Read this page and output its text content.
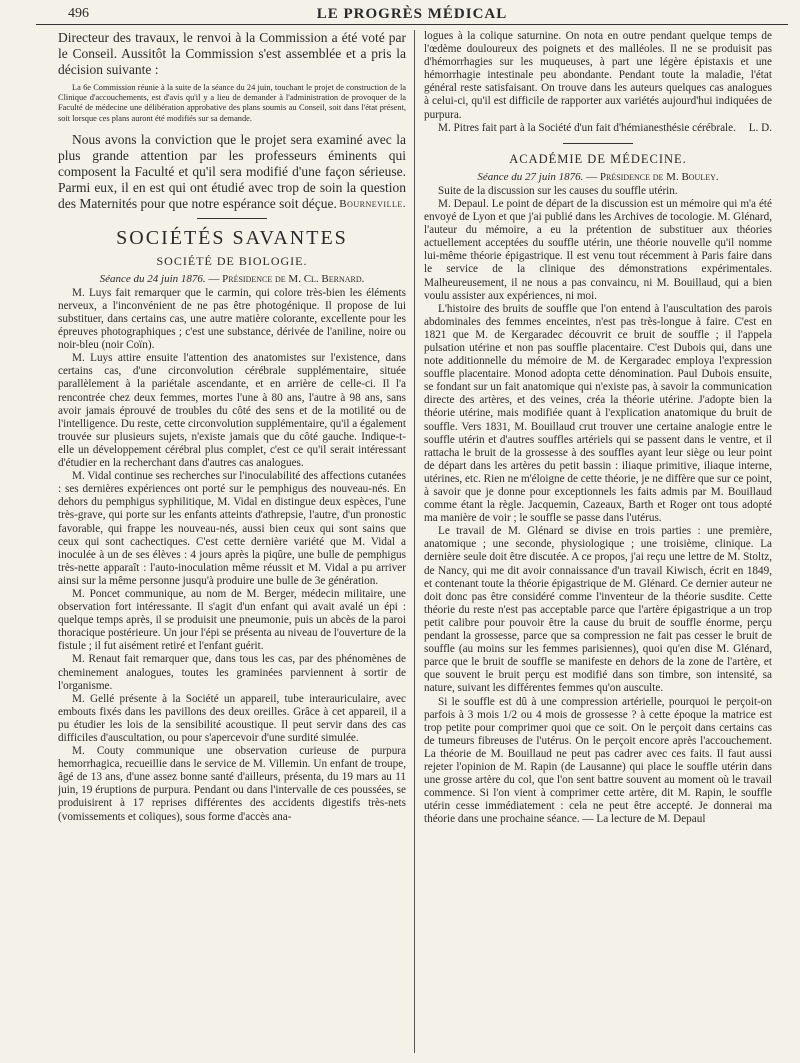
496	LE PROGRÈS MÉDICAL

Directeur des travaux, le renvoi à la Commission a été voté par le Conseil. Aussitôt la Commission s'est assemblée et a pris la décision suivante :

La 6e Commission réunie à la suite de la séance du 24 juin, touchant le projet de construction de la Clinique d'accouchements, est d'avis qu'il y a lieu de demander à l'administration de provoquer de la Faculté de médecine une délibération approbative des plans soumis au Conseil, soit dans l'état présent, soit lorsque ces plans auront été modifiés sur sa demande.

Nous avons la conviction que le projet sera examiné avec la plus grande attention par les professeurs éminents qui composent la Faculté et qu'il sera modifié d'une façon sérieuse. Parmi eux, il en est qui ont étudié avec trop de soin la question des Maternités pour que notre espérance soit déçue. Bourneville.

SOCIÉTÉS SAVANTES
SOCIÉTÉ DE BIOLOGIE.
Séance du 24 juin 1876. — Présidence de M. Cl. Bernard.

M. Luys fait remarquer que le carmin, qui colore très-bien les éléments nerveux, a l'inconvénient de ne pas être photogénique. Il propose de lui substituer, dans certains cas, une autre matière colorante, excellente pour les épreuves photographiques ; c'est une substance, dérivée de l'aniline, noire ou noir-bleu (noir Coïn).

M. Luys attire ensuite l'attention des anatomistes sur l'existence, dans certains cas, d'une circonvolution cérébrale supplémentaire, située parallèlement à la pariétale ascendante, et en arrière de celle-ci. Il l'a rencontrée chez deux femmes, mortes l'une à 80 ans, l'autre à 98 ans, sans avoir jamais éprouvé de troubles du côté des sens et de la motilité ou de l'intelligence. Du reste, cette circonvolution supplémentaire, qu'il a également trouvée sur plusieurs sujets, n'existe jamais que du côté gauche. Indique-t-elle un développement cérébral plus complet, c'est ce qu'il serait intéressant d'étudier en la recherchant dans d'autres cas analogues.

M. Vidal continue ses recherches sur l'inoculabilité des affections cutanées : ses dernières expériences ont porté sur le pemphigus des nouveau-nés. En dehors du pemphigus syphilitique, M. Vidal en distingue deux espèces, l'une très-grave, qui porte sur les enfants atteints d'athrepsie, l'autre, d'un pronostic favorable, qui frappe les nouveau-nés, aussi bien ceux qui sont sains que ceux qui sont cachectiques. C'est cette dernière variété que M. Vidal a inoculée à un de ses élèves : 4 jours après la piqûre, une bulle de pemphigus très-nette apparaît : l'auto-inoculation même réussit et M. Vidal a pu arriver ainsi sur la même personne jusqu'à produire une bulle de 3e génération.

M. Poncet communique, au nom de M. Berger, médecin militaire, une observation fort intéressante. Il s'agit d'un enfant qui avait avalé un épi : quelque temps après, il se produisit une pneumonie, puis un abcès de la paroi thoracique postérieure. Un jour l'épi se présenta au niveau de l'ouverture de la fistule ; il fut aisément retiré et l'enfant guérit.

M. Renaut fait remarquer que, dans tous les cas, par des phénomènes de cheminement analogues, toutes les graminées parviennent à sortir de l'organisme.

M. Gellé présente à la Société un appareil, tube interauriculaire, avec embouts fixés dans les pavillons des deux oreilles. Grâce à cet appareil, il a pu étudier les lois de la sensibilité acoustique. Il peut servir dans des cas difficiles d'auscultation, ou pour s'apercevoir d'une surdité simulée.

M. Couty communique une observation curieuse de purpura hemorrhagica, recueillie dans le service de M. Villemin. Un enfant de troupe, âgé de 13 ans, d'une assez bonne santé d'ailleurs, présenta, du 19 mars au 11 juin, 19 éruptions de purpura. Pendant ou dans l'intervalle de ces poussées, se produisirent à 17 reprises différentes des accidents digestifs très-nets (vomissements et coliques), sous forme d'accès ana-

logues à la colique saturnine. On nota en outre pendant quelque temps de l'œdème douloureux des poignets et des malléoles. Il ne se produisit pas d'hémorrhagies sur les muqueuses, à part une légère épistaxis et une hémorrhagie intestinale peu abondante. Pendant toute la maladie, l'état général reste satisfaisant. On trouve dans les auteurs quelques cas analogues à celui-ci, qu'il est difficile de rapporter aux variétés aujourd'hui indiquées de purpura.

M. Pitres fait part à la Société d'un fait d'hémianesthésie cérébrale.	L. D.

ACADÉMIE DE MÉDECINE.
Séance du 27 juin 1876. — Présidence de M. Bouley.

Suite de la discussion sur les causes du souffle utérin.

M. Depaul. Le point de départ de la discussion est un mémoire qui m'a été envoyé de Lyon et que j'ai publié dans les Archives de tocologie. M. Glénard, l'auteur du mémoire, a eu la prétention de substituer aux théories actuellement acceptées du souffle utérin, une théorie nouvelle qu'il nomme lui-même théorie épigastrique. Il est venu tout récemment à Paris faire dans le service de la clinique des démonstrations expérimentales. Malheureusement, il ne nous a pas convaincu, ni M. Bouillaud, qui a bien voulu assister aux expériences, ni moi.

L'histoire des bruits de souffle que l'on entend à l'auscultation des parois abdominales des femmes enceintes, n'est pas très-longue à faire. C'est en 1821 que M. de Kergaradec découvrit ce bruit de souffle ; il l'appela pulsation utérine et non pas souffle placentaire. C'est Dubois qui, dans une note additionnelle du mémoire de M. de Kergaradec employa l'expression souffle placentaire. Monod adopta cette dénomination. Paul Dubois ensuite, se fondant sur un fait anatomique qui n'existe pas, à savoir la communication directe des artères, et des veines, créa la théorie utérine. J'adopte bien la théorie utérine, mais modifiée quant à l'explication anatomique du bruit de souffle. Vers 1831, M. Bouillaud crut trouver une certaine analogie entre le souffle utérin et d'autres souffles artériels qui se passent dans le ventre, et il rattacha le bruit de la grossesse à des souffles ayant leur siège ou leur point de départ dans les artères du petit bassin : iliaque primitive, iliaque interne, utérines, etc. Rien ne m'éloigne de cette théorie, je ne diffère que sur ce point, à savoir que je donne pour exceptionnels les faits admis par M. Bouillaud comme étant la règle. Jacquemin, Cazeaux, Barth et Roger ont tous adopté ma manière de voir ; le souffle se passe dans l'utérus.

Le travail de M. Glénard se divise en trois parties : une première, anatomique ; une seconde, physiologique ; une troisième, clinique. La dernière seule doit être discutée. A ce propos, j'ai reçu une lettre de M. Stoltz, de Nancy, qui me dit avoir connaissance d'un travail Kiwisch, écrit en 1849, et contenant toute la théorie épigastrique de M. Glénard. Ce dernier auteur ne doit donc pas être considéré comme l'inventeur de la théorie susdite. Cette théorie du reste n'est pas acceptable parce que l'artère épigastrique a un trop petit calibre pour pouvoir être la cause du bruit de souffle énorme, perçu pendant la grossesse, parce que sa compression ne fait pas cesser le bruit de souffle (au moins sur les femmes parisiennes), quoi qu'en dise M. Glénard, parce que le bruit de souffle se manifeste en dehors de la zone de l'artère, et que souvent le bruit perçu est modifié dans son timbre, son intensité, sa nature, suivant les différentes femmes qu'on ausculte.

Si le souffle est dû à une compression artérielle, pourquoi le perçoit-on parfois à 3 mois 1/2 ou 4 mois de grossesse ? à cette époque la matrice est trop petite pour comprimer quoi que ce soit. On le perçoit dans certains cas de tumeurs fibreuses de l'utérus. On le perçoit encore après l'accouchement. La théorie de M. Bouillaud ne peut pas cadrer avec ces faits. Il faut aussi rejeter l'opinion de M. Rapin (de Lausanne) qui place le souffle utérin dans une grosse artère du col, que l'on sent battre souvent au moment où le travail commence. Si l'on vient à comprimer cette artère, dit M. Rapin, le souffle utérin cesse immédiatement : cela ne peut être accepté. Je donnerai ma théorie dans une prochaine séance. — La lecture de M. Depaul
